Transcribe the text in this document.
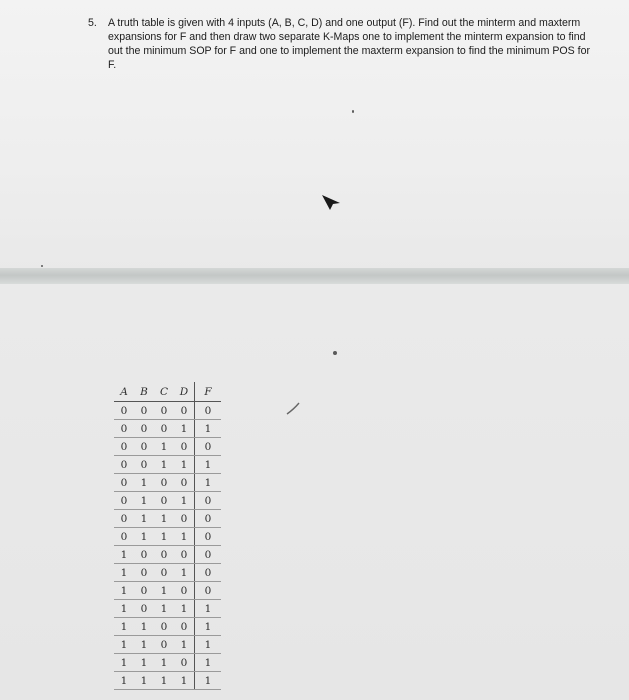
5.	A truth table is given with 4 inputs (A, B, C, D) and one output (F). Find out the minterm and maxterm expansions for F and then draw two separate K-Maps one to implement the minterm expansion to find out the minimum SOP for F and one to implement the maxterm expansion to find the minimum POS for F.
A	B	C	D	F
0	0	0	0	0
0	0	0	1	1
0	0	1	0	0
0	0	1	1	1
0	1	0	0	1
0	1	0	1	0
0	1	1	0	0
0	1	1	1	0
1	0	0	0	0
1	0	0	1	0
1	0	1	0	0
1	0	1	1	1
1	1	0	0	1
1	1	0	1	1
1	1	1	0	1
1	1	1	1	1
